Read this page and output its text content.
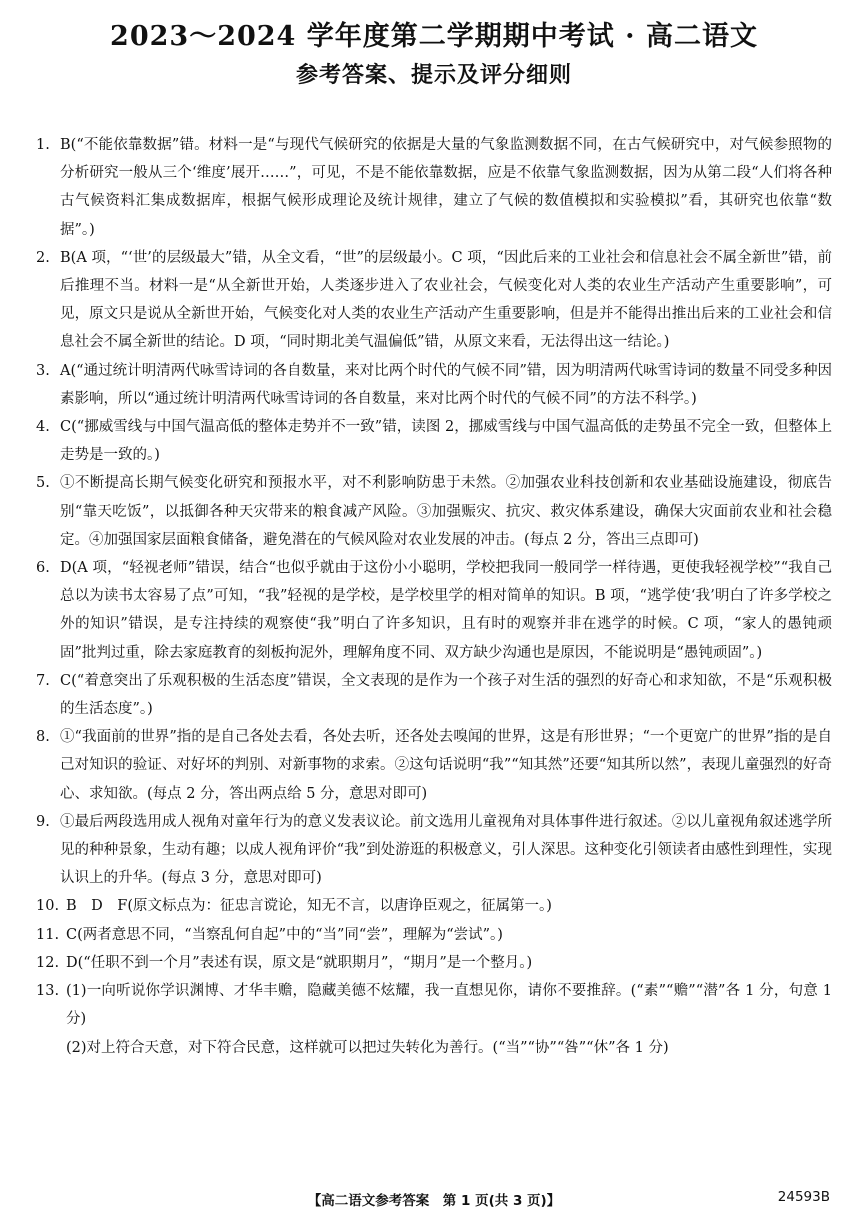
2023～2024 学年度第二学期期中考试 · 高二语文
参考答案、提示及评分细则
1. B(“不能依靠数据”错。材料一是“与现代气候研究的依据是大量的气象监测数据不同，在古气候研究中，对气候参照物的分析研究一般从三个‘维度’展开……”，可见，不是不能依靠数据，应是不依靠气象监测数据，因为从第二段“人们将各种古气候资料汇集成数据库，根据气候形成理论及统计规律，建立了气候的数值模拟和实验模拟”看，其研究也依靠“数据”。)
2. B(A 项，“‘世’的层级最大”错，从全文看，“世”的层级最小。C 项，“因此后来的工业社会和信息社会不属全新世”错，前后推理不当。材料一是“从全新世开始，人类逐步进入了农业社会，气候变化对人类的农业生产活动产生重要影响”，可见，原文只是说从全新世开始，气候变化对人类的农业生产活动产生重要影响，但是并不能得出推出后来的工业社会和信息社会不属全新世的结论。D 项，“同时期北美气温偏低”错，从原文来看，无法得出这一结论。)
3. A(“通过统计明清两代咏雪诗词的各自数量，来对比两个时代的气候不同”错，因为明清两代咏雪诗词的数量不同受多种因素影响，所以“通过统计明清两代咏雪诗词的各自数量，来对比两个时代的气候不同”的方法不科学。)
4. C(“挪威雪线与中国气温高低的整体走势并不一致”错，读图 2，挪威雪线与中国气温高低的走势虽不完全一致，但整体上走势是一致的。)
5. ①不断提高长期气候变化研究和预报水平，对不利影响防患于未然。②加强农业科技创新和农业基础设施建设，彻底告别“靠天吃饭”，以抵御各种天灾带来的粮食减产风险。③加强赈灾、抗灾、救灾体系建设，确保大灾面前农业和社会稳定。④加强国家层面粮食储备，避免潜在的气候风险对农业发展的冲击。(每点 2 分，答出三点即可)
6. D(A 项，“轻视老师”错误，结合“也似乎就由于这份小小聪明，学校把我同一般同学一样待遇，更使我轻视学校”“我自己总以为读书太容易了点”可知，“我”轻视的是学校，是学校里学的相对简单的知识。B 项，“逃学使‘我’明白了许多学校之外的知识”错误，是专注持续的观察使“我”明白了许多知识，且有时的观察并非在逃学的时候。C 项，“家人的愚钝顽固”批判过重，除去家庭教育的刻板拘泥外，理解角度不同、双方缺少沟通也是原因，不能说明是“愚钝顽固”。)
7. C(“着意突出了乐观积极的生活态度”错误，全文表现的是作为一个孩子对生活的强烈的好奇心和求知欲，不是“乐观积极的生活态度”。)
8. ①“我面前的世界”指的是自己各处去看，各处去听，还各处去嗅闻的世界，这是有形世界；“一个更宽广的世界”指的是自己对知识的验证、对好坏的判别、对新事物的求索。②这句话说明“我”“知其然”还要“知其所以然”，表现儿童强烈的好奇心、求知欲。(每点 2 分，答出两点给 5 分，意思对即可)
9. ①最后两段选用成人视角对童年行为的意义发表议论。前文选用儿童视角对具体事件进行叙述。②以儿童视角叙述逃学所见的种种景象，生动有趣；以成人视角评价“我”到处游逛的积极意义，引人深思。这种变化引领读者由感性到理性，实现认识上的升华。(每点 3 分，意思对即可)
10. B　D　F(原文标点为：征忠言谠论，知无不言，以唐诤臣观之，征属第一。)
11. C(两者意思不同，“当察乱何自起”中的“当”同“尝”，理解为“尝试”。)
12. D(“任职不到一个月”表述有误，原文是“就职期月”，“期月”是一个整月。)
13. (1)一向听说你学识渊博、才华丰赡，隐藏美德不炫耀，我一直想见你，请你不要推辞。(“素”“赡”“潜”各 1 分，句意 1 分)
(2)对上符合天意，对下符合民意，这样就可以把过失转化为善行。(“当”“协”“咎”“休”各 1 分)
【高二语文参考答案　第 1 页(共 3 页)】	24593B
